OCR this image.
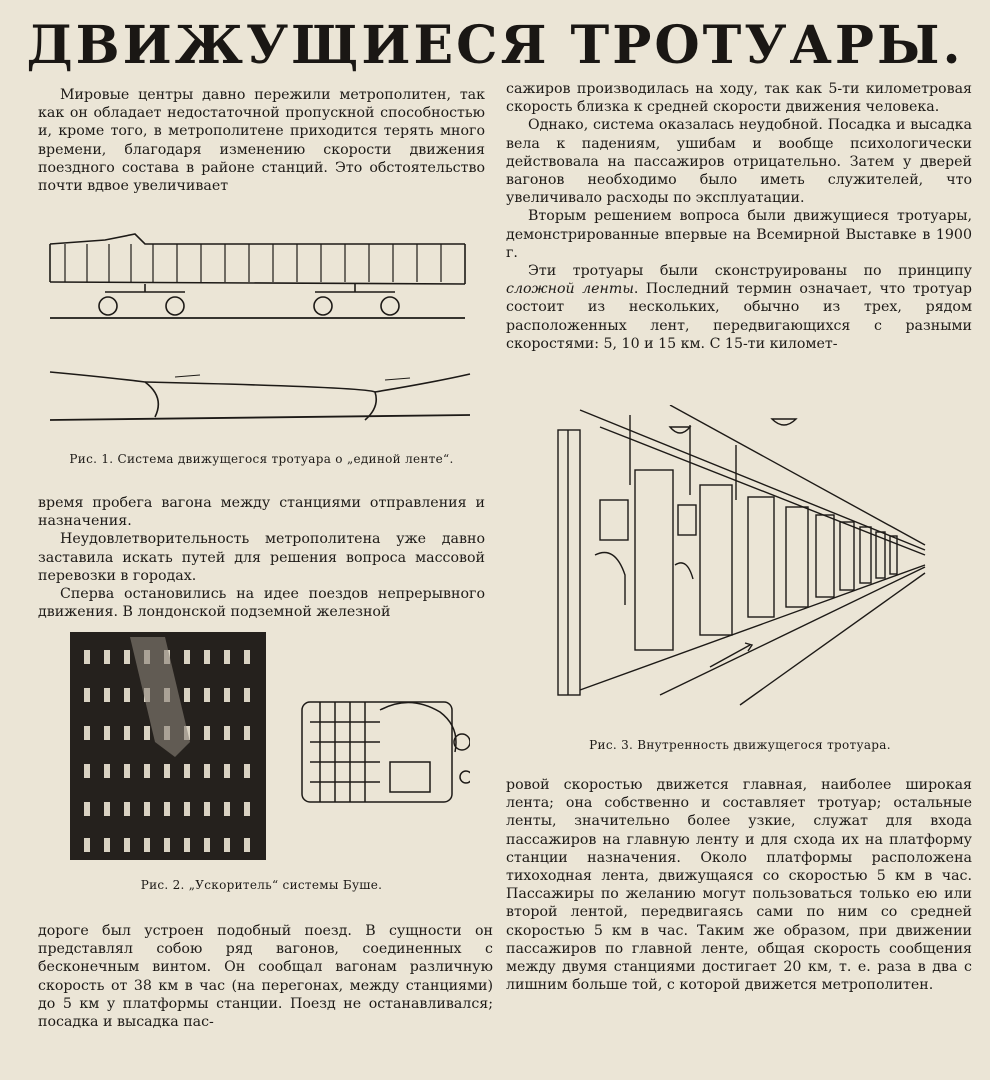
ДВИЖУЩИЕСЯ ТРОТУАРЫ.

Мировые центры давно пережили метрополитен, так как он обладает недостаточной пропускной способностью и, кроме того, в метрополитене приходится терять много времени, благодаря изменению скорости движения поездного состава в районе станций. Это обстоятельство почти вдвое увеличивает

Рис. 1. Система движущегося тротуара о „единой ленте“.

время пробега вагона между станциями отправления и назначения.

Неудовлетворительность метрополитена уже давно заставила искать путей для решения вопроса массовой перевозки в городах.

Сперва остановились на идее поездов непрерывного движения. В лондонской подземной железной

Рис. 2. „Ускоритель“ системы Буше.

дороге был устроен подобный поезд. В сущности он представлял собою ряд вагонов, соединенных с бесконечным винтом. Он сообщал вагонам различную скорость от 38 км в час (на перегонах, между станциями) до 5 км у платформы станции. Поезд не останавливался; посадка и высадка пас-

сажиров производилась на ходу, так как 5-ти километровая скорость близка к средней скорости движения человека.

Однако, система оказалась неудобной. Посадка и высадка вела к падениям, ушибам и вообще психологически действовала на пассажиров отрицательно. Затем у дверей вагонов необходимо было иметь служителей, что увеличивало расходы по эксплуатации.

Вторым решением вопроса были движущиеся тротуары, демонстрированные впервые на Всемирной Выставке в 1900 г.

Эти тротуары были сконструированы по принципу сложной ленты. Последний термин означает, что тротуар состоит из нескольких, обычно из трех, рядом расположенных лент, передвигающихся с разными скоростями: 5, 10 и 15 км. С 15-ти километ-

Рис. 3. Внутренность движущегося тротуара.

ровой скоростью движется главная, наиболее широкая лента; она собственно и составляет тротуар; остальные ленты, значительно более узкие, служат для входа пассажиров на главную ленту и для схода их на платформу станции назначения. Около платформы расположена тихоходная лента, движущаяся со скоростью 5 км в час. Пассажиры по желанию могут пользоваться только ею или второй лентой, передвигаясь сами по ним со средней скоростью 5 км в час. Таким же образом, при движении пассажиров по главной ленте, общая скорость сообщения между двумя станциями достигает 20 км, т. е. раза в два с лишним больше той, с которой движется метрополитен.
